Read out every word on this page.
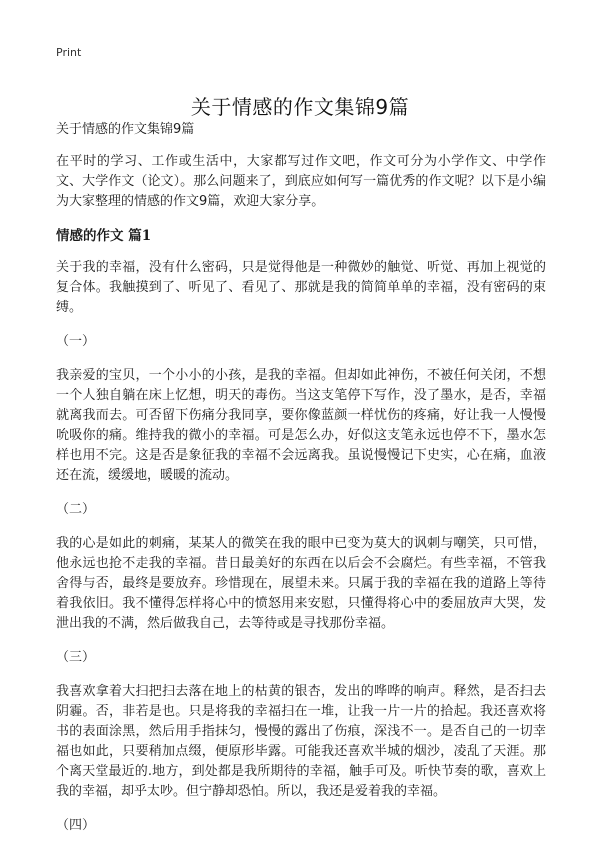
Print
关于情感的作文集锦9篇

关于情感的作文集锦9篇

在平时的学习、工作或生活中，大家都写过作文吧，作文可分为小学作文、中学作文、大学作文（论文）。那么问题来了，到底应如何写一篇优秀的作文呢？以下是小编为大家整理的情感的作文9篇，欢迎大家分享。

情感的作文 篇1

关于我的幸福，没有什么密码，只是觉得他是一种微妙的触觉、听觉、再加上视觉的复合体。我触摸到了、听见了、看见了、那就是我的简简单单的幸福，没有密码的束缚。

（一）

我亲爱的宝贝，一个小小的小孩，是我的幸福。但却如此神伤，不被任何关闭，不想一个人独自躺在床上忆想，明天的毒伤。当这支笔停下写作，没了墨水，是否，幸福就离我而去。可否留下伤痛分我同享，要你像蓝颜一样忧伤的疼痛，好让我一人慢慢吮吸你的痛。维持我的微小的幸福。可是怎么办，好似这支笔永远也停不下，墨水怎样也用不完。这是否是象征我的幸福不会远离我。虽说慢慢记下史实，心在痛，血液还在流，缓缓地，暖暖的流动。

（二）

我的心是如此的刺痛，某某人的微笑在我的眼中已变为莫大的讽刺与嘲笑，只可惜，他永远也抢不走我的幸福。昔日最美好的东西在以后会不会腐烂。有些幸福，不管我舍得与否，最终是要放弃。珍惜现在，展望未来。只属于我的幸福在我的道路上等待着我依旧。我不懂得怎样将心中的愤怒用来安慰，只懂得将心中的委屈放声大哭，发泄出我的不满，然后做我自己，去等待或是寻找那份幸福。

（三）

我喜欢拿着大扫把扫去落在地上的枯黄的银杏，发出的哗哗的响声。释然，是否扫去阴霾。否，非若是也。只是将我的幸福扫在一堆，让我一片一片的拾起。我还喜欢将书的表面涂黑，然后用手指抹匀，慢慢的露出了伤痕，深浅不一。是否自己的一切幸福也如此，只要稍加点缀，便原形毕露。可能我还喜欢半城的烟沙，凌乱了天涯。那个离天堂最近的.地方，到处都是我所期待的幸福，触手可及。听快节奏的歌，喜欢上我的幸福，却乎太吵。但宁静却恐怕。所以，我还是爱着我的幸福。

（四）
